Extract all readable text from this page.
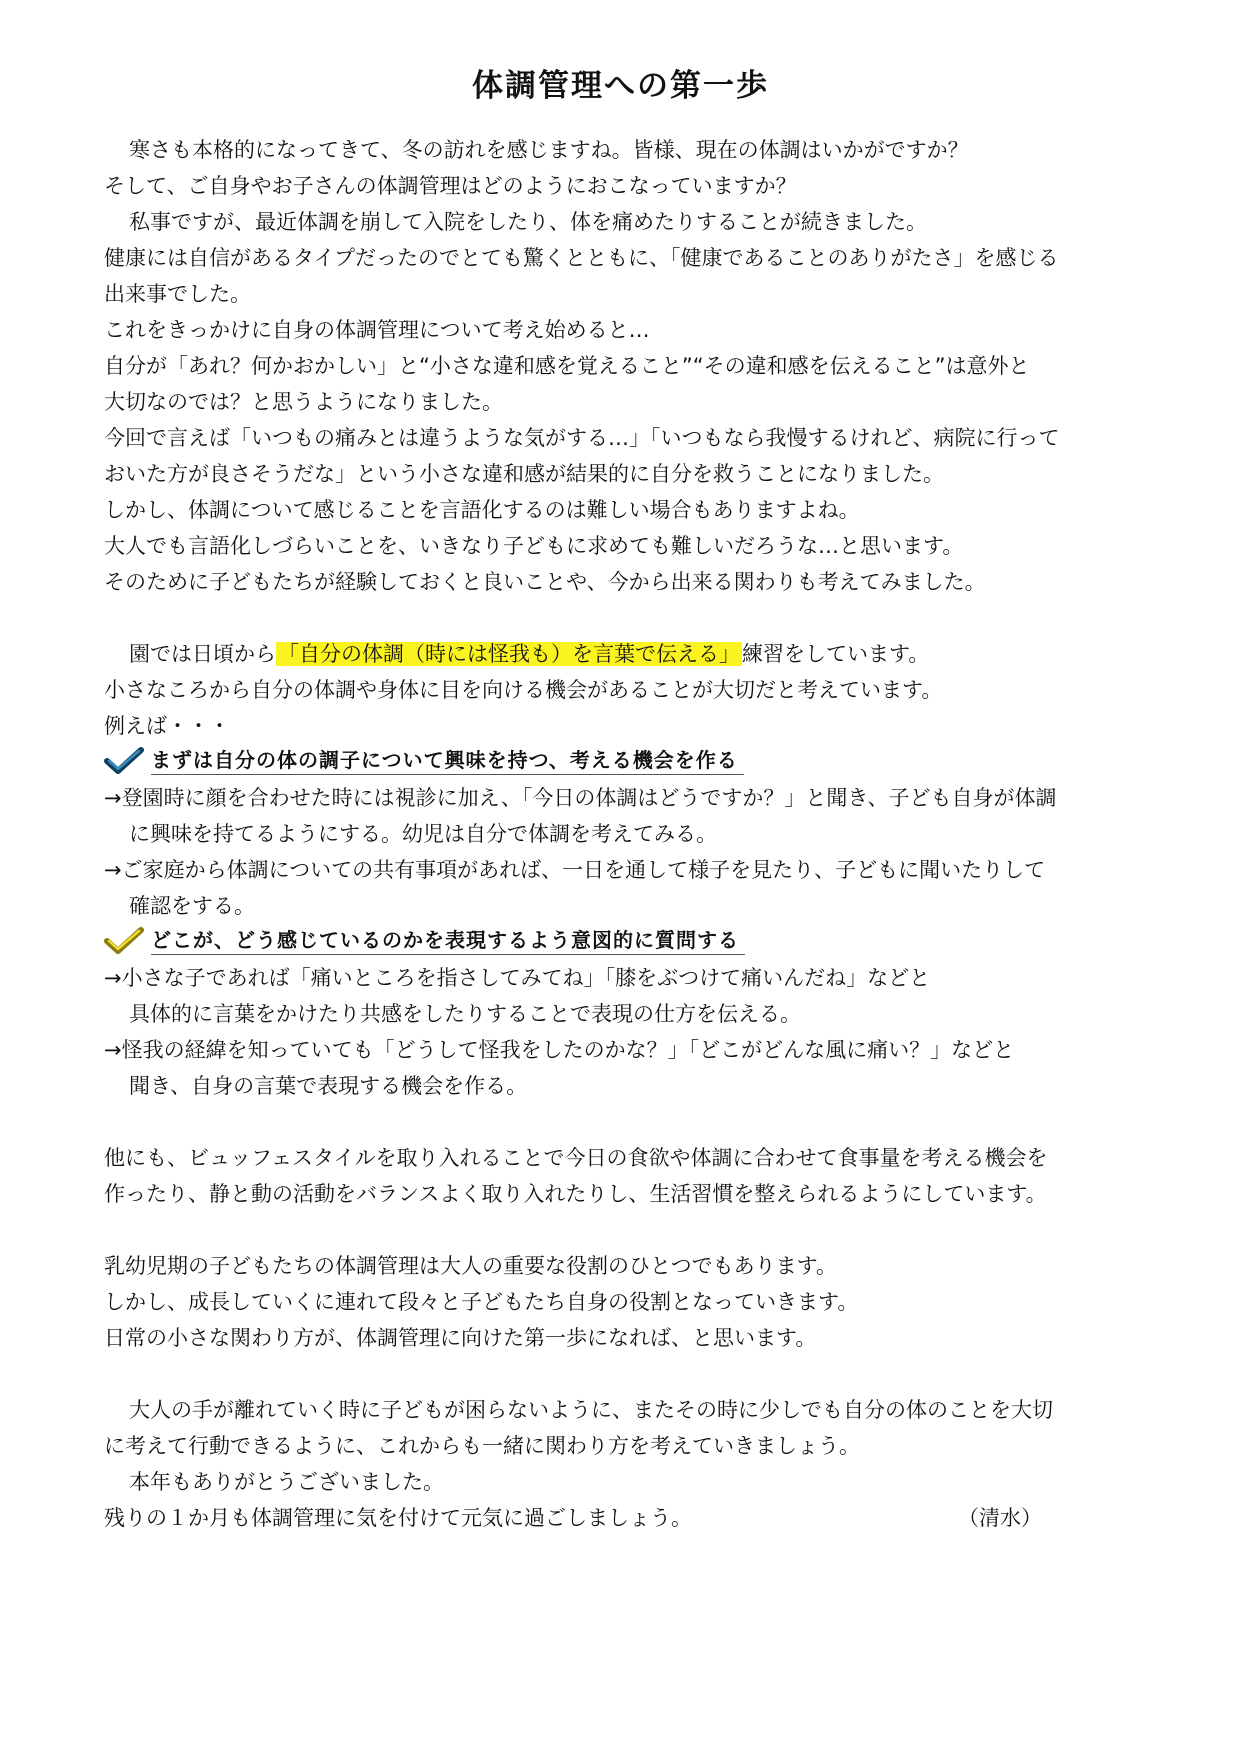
体調管理への第一歩

寒さも本格的になってきて、冬の訪れを感じますね。皆様、現在の体調はいかがですか？

そして、ご自身やお子さんの体調管理はどのようにおこなっていますか？

私事ですが、最近体調を崩して入院をしたり、体を痛めたりすることが続きました。

健康には自信があるタイプだったのでとても驚くとともに、「健康であることのありがたさ」を感じる

出来事でした。

これをきっかけに自身の体調管理について考え始めると…

自分が「あれ？何かおかしい」と“小さな違和感を覚えること”“その違和感を伝えること”は意外と

大切なのでは？と思うようになりました。

今回で言えば「いつもの痛みとは違うような気がする…」「いつもなら我慢するけれど、病院に行って

おいた方が良さそうだな」という小さな違和感が結果的に自分を救うことになりました。

しかし、体調について感じることを言語化するのは難しい場合もありますよね。

大人でも言語化しづらいことを、いきなり子どもに求めても難しいだろうな…と思います。

そのために子どもたちが経験しておくと良いことや、今から出来る関わりも考えてみました。

園では日頃から「自分の体調（時には怪我も）を言葉で伝える」練習をしています。

小さなころから自分の体調や身体に目を向ける機会があることが大切だと考えています。

例えば・・・

まずは自分の体の調子について興味を持つ、考える機会を作る

→登園時に顔を合わせた時には視診に加え、「今日の体調はどうですか？」と聞き、子ども自身が体調

に興味を持てるようにする。幼児は自分で体調を考えてみる。

→ご家庭から体調についての共有事項があれば、一日を通して様子を見たり、子どもに聞いたりして

確認をする。

どこが、どう感じているのかを表現するよう意図的に質問する

→小さな子であれば「痛いところを指さしてみてね」「膝をぶつけて痛いんだね」などと

具体的に言葉をかけたり共感をしたりすることで表現の仕方を伝える。

→怪我の経緯を知っていても「どうして怪我をしたのかな？」「どこがどんな風に痛い？」などと

聞き、自身の言葉で表現する機会を作る。

他にも、ビュッフェスタイルを取り入れることで今日の食欲や体調に合わせて食事量を考える機会を

作ったり、静と動の活動をバランスよく取り入れたりし、生活習慣を整えられるようにしています。

乳幼児期の子どもたちの体調管理は大人の重要な役割のひとつでもあります。

しかし、成長していくに連れて段々と子どもたち自身の役割となっていきます。

日常の小さな関わり方が、体調管理に向けた第一歩になれば、と思います。

大人の手が離れていく時に子どもが困らないように、またその時に少しでも自分の体のことを大切

に考えて行動できるように、これからも一緒に関わり方を考えていきましょう。

本年もありがとうございました。

残りの１か月も体調管理に気を付けて元気に過ごしましょう。	（清水）
